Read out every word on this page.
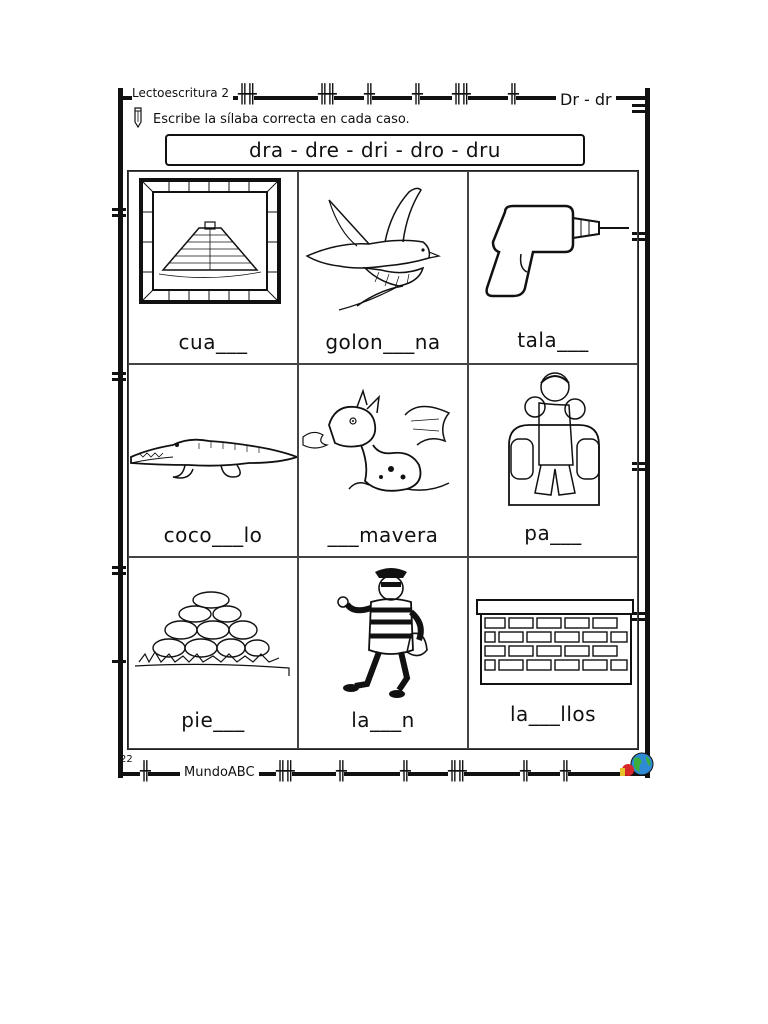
╫╫	╫╫ ╫ ╫ ╫╫ ╫
╫	╫╫ ╫	╫ ╫╫	╫ ╫
Lectoescritura 2	Dr - dr
Escribe la sílaba correcta en cada caso.
dra - dre - dri - dro - dru
cua___	golon___na	tala___
coco___lo	___mavera	pa___
pie___	la___n	la___llos
22
MundoABC
